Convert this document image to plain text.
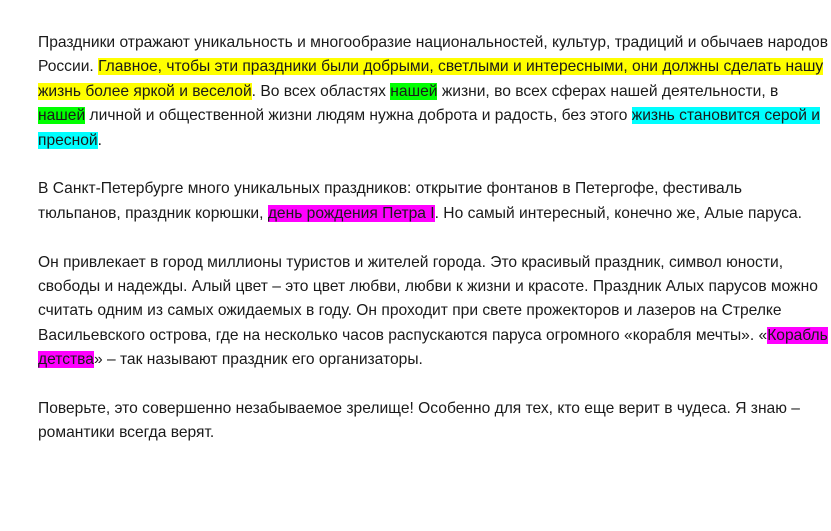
Праздники отражают уникальность и многообразие национальностей, культур, традиций и обычаев народов России. Главное, чтобы эти праздники были добрыми, светлыми и интересными, они должны сделать нашу жизнь более яркой и веселой. Во всех областях нашей жизни, во всех сферах нашей деятельности, в нашей личной и общественной жизни людям нужна доброта и радость, без этого жизнь становится серой и пресной.

В Санкт-Петербурге много уникальных праздников: открытие фонтанов в Петергофе, фестиваль тюльпанов, праздник корюшки, день рождения Петра I. Но самый интересный, конечно же, Алые паруса.

Он привлекает в город миллионы туристов и жителей города. Это красивый праздник, символ юности, свободы и надежды. Алый цвет – это цвет любви, любви к жизни и красоте. Праздник Алых парусов можно считать одним из самых ожидаемых в году. Он проходит при свете прожекторов и лазеров на Стрелке Васильевского острова, где на несколько часов распускаются паруса огромного «корабля мечты». «Корабль детства» – так называют праздник его организаторы.

Поверьте, это совершенно незабываемое зрелище! Особенно для тех, кто еще верит в чудеса. Я знаю – романтики всегда верят.
